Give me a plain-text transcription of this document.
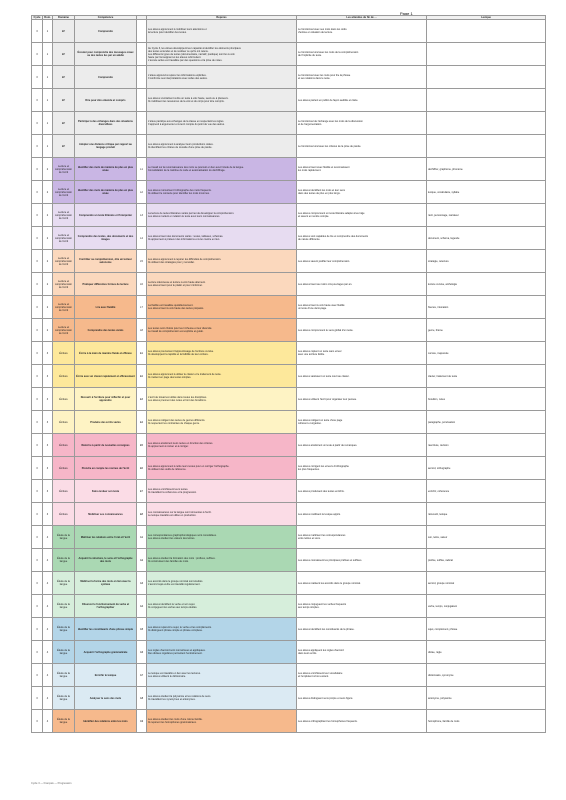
Page 1
Cycle	Dom.	Domaine	Compétence		Repères	Les attendus de fin de ...	Lexique
3	1	EP	Comprendre		Les élèves apprennent à mobiliser leurs attentions et
la lecture pour identifier des textes.	Le fonctionnel avec ses mots dans les ordre
d'entrée en situation de lecture.	

3	1	EP	Écouter pour comprendre des messages oraux ou des textes lus par un adulte		Au Cycle 3, les élèves développent leur capacité à identifier les éléments principaux
des textes entendus et de restituer ce qu'ils ont retenu.
Les différents types de textes (documentaire, narratif, poétique) sont lus à voix
haute par l'enseignant et les élèves reformulent.
L'écoute active est travaillée par des questions et la prise de notes.	Le fonctionnel oral avec les mots de la compréhension
de l'implicite du texte.	

3	1	EP	Comprendre		L'élève apprend à repérer les informations explicites.
Il confronte ses interprétations avec celles des autres.	Le fonctionnel avec les mots pour lire la phrase
et ses relations dans le texte.	

3	1	EP	Dire pour être entendu et compris		Les élèves s'entraînent à dire un texte à voix haute, seuls ou à plusieurs.
Ils mobilisent les ressources de la voix et du corps pour être compris.	Les élèves parlent en public de façon audible et claire.	

3	1	EP	Participer à des échanges dans des situations diversifiées		L'élève participe aux échanges de la classe en respectant les règles.
Il apprend à argumenter et à tenir compte du point de vue des autres.	Le fonctionnel de l'échange avec les mots de la discussion
et de l'argumentation.	

3	1	EP	Adopter une distance critique par rapport au langage produit		Les élèves apprennent à analyser leurs productions orales.
Ils identifient les critères de réussite d'une prise de parole.	Le fonctionnel oral avec les critères de la prise de parole.	

3	2	Lecture et compréhension de l'écrit	Identifier des mots de manière de plus en plus aisée	L1	Le travail sur la reconnaissance des mots se poursuit en lien avec l'étude de la langue.
Consolidation de la maîtrise du code et automatisation du déchiffrage.	Les élèves lisent avec fluidité et reconnaissent
les mots rapidement.	déchiffrer, graphème, phonème

3	2	Lecture et compréhension de l'écrit	Identifier des mots de manière de plus en plus aisée	L2	Les élèves mémorisent l'orthographe des mots fréquents.
Ils utilisent le contexte pour identifier les mots inconnus.	Les élèves identifient les mots et leur sens
dans des textes de plus en plus longs.	lexique, vocabulaire, syllabe

3	2	Lecture et compréhension de l'écrit	Comprendre un texte littéraire et l'interpréter	L3	La lecture de textes littéraires variés permet de développer la compréhension.
Les élèves mettent en relation le texte avec leurs connaissances.	Les élèves comprennent un texte littéraire adapté à leur âge
et savent en rendre compte.	récit, personnage, narrateur

3	2	Lecture et compréhension de l'écrit	Comprendre des textes, des documents et des images	L4	Les élèves lisent des documents variés : textes, tableaux, schémas.
Ils apprennent à prélever des informations et à les mettre en lien.	Les élèves sont capables de lire et comprendre des documents
de nature différente.	document, schéma, légende

3	2	Lecture et compréhension de l'écrit	Contrôler sa compréhension, être un lecteur autonome	L5	Les élèves apprennent à repérer les difficultés de compréhension.
Ils utilisent des stratégies pour y remédier.	Les élèves savent justifier leur compréhension.	stratégie, relecture

3	2	Lecture et compréhension de l'écrit	Pratiquer différentes formes de lecture	L6	Lecture silencieuse et lecture à voix haute alternent.
Les élèves lisent pour le plaisir et pour s'informer.	Les élèves lisent au moins cinq ouvrages par an.	lecture cursive, anthologie

3	2	Lecture et compréhension de l'écrit	Lire avec fluidité	L7	La fluidité est travaillée quotidiennement.
Les élèves lisent à voix haute des textes préparés.	Les élèves lisent à voix haute avec fluidité
un texte d'une demi-page.	fluence, intonation

3	2	Lecture et compréhension de l'écrit	Comprendre des textes variés	L8	Les textes sont choisis pour leur richesse et leur diversité.
Le travail de compréhension est explicite et guidé.	Les élèves comprennent le sens global d'un texte.	genre, thème

3	3	Écriture	Écrire à la main de manière fluide et efficace	E1	Les élèves poursuivent l'apprentissage de l'écriture cursive.
Ils développent la rapidité et la lisibilité de leur écriture.	Les élèves copient un texte sans erreur
avec une écriture lisible.	cursive, majuscule

3	3	Écriture	Écrire avec un clavier rapidement et efficacement	E2	Les élèves apprennent à utiliser le clavier et le traitement de texte.
Ils mettent en page des textes simples.	Les élèves saisissent un texte court au clavier.	clavier, traitement de texte

3	3	Écriture	Recourir à l'écriture pour réfléchir et pour apprendre	E3	L'écrit de travail est utilisé dans toutes les disciplines.
Les élèves prennent des notes et font des brouillons.	Les élèves utilisent l'écrit pour organiser leur pensée.	brouillon, notes

3	3	Écriture	Produire des écrits variés	E4	Les élèves rédigent des textes de genres différents.
Ils respectent les contraintes de chaque genre.	Les élèves rédigent un texte d'une page
cohérent et organisé.	paragraphe, ponctuation

3	3	Écriture	Réécrire à partir de nouvelles consignes	E5	Les élèves améliorent leurs textes en fonction des critères.
Ils apprennent à réviser et à corriger.	Les élèves améliorent un texte à partir de remarques.	réécriture, révision

3	3	Écriture	Prendre en compte les normes de l'écrit	E6	Les élèves apprennent à relire leurs textes pour en corriger l'orthographe.
Ils utilisent des outils de référence.	Les élèves corrigent les erreurs d'orthographe
les plus fréquentes.	accord, orthographe

3	3	Écriture	Faire évoluer son texte	E7	Les élèves enrichissent leurs textes.
Ils travaillent la cohérence et la progression.	Les élèves produisent des textes enrichis.	enrichir, cohérence

3	3	Écriture	Mobiliser ses connaissances	E8	Les connaissances sur la langue sont réinvesties à l'écrit.
Le lexique travaillé est utilisé en production.	Les élèves réutilisent le lexique appris.	réinvestir, lexique

3	4	Étude de la langue	Maîtriser les relations entre l'oral et l'écrit	G1	Les correspondances graphophonologiques sont consolidées.
Les élèves étudient les valeurs des lettres.	Les élèves maîtrisent les correspondances
entre lettres et sons.	son, lettre, valeur

3	4	Étude de la langue	Acquérir la structure, le sens et l'orthographe des mots	G2	Les élèves étudient la formation des mots : préfixes, suffixes.
Ils construisent des familles de mots.	Les élèves connaissent les principaux préfixes et suffixes.	préfixe, suffixe, radical

3	4	Étude de la langue	Maîtriser la forme des mots en lien avec la syntaxe	G3	Les accords dans le groupe nominal sont étudiés.
L'accord sujet-verbe est travaillé régulièrement.	Les élèves réalisent les accords dans le groupe nominal.	accord, groupe nominal

3	4	Étude de la langue	Observer le fonctionnement du verbe et l'orthographier	G4	Les élèves identifient le verbe et son sujet.
Ils conjuguent les verbes aux temps étudiés.	Les élèves conjuguent les verbes fréquents
aux temps simples.	verbe, temps, conjugaison

3	4	Étude de la langue	Identifier les constituants d'une phrase simple	G5	Les élèves repèrent le sujet, le verbe et les compléments.
Ils distinguent phrase simple et phrase complexe.	Les élèves identifient les constituants de la phrase.	sujet, complément, phrase

3	4	Étude de la langue	Acquérir l'orthographe grammaticale	G6	Les règles d'accord sont mémorisées et appliquées.
Des dictées régulières permettent l'entraînement.	Les élèves appliquent les règles d'accord
dans leurs écrits.	dictée, règle

3	4	Étude de la langue	Enrichir le lexique	G7	Le lexique est travaillé en lien avec les lectures.
Les élèves utilisent le dictionnaire.	Les élèves enrichissent leur vocabulaire
et l'emploient à bon escient.	dictionnaire, synonyme

3	4	Étude de la langue	Analyser le sens des mots	G8	Les élèves étudient la polysémie et les relations de sens.
Ils travaillent les synonymes et antonymes.	Les élèves distinguent sens propre et sens figuré.	antonyme, polysémie

3	4	Étude de la langue	Identifier des relations entre les mots	G9	Les élèves étudient les mots d'une même famille.
Ils repèrent les homophones grammaticaux.	Les élèves orthographient les homophones fréquents.	homophone, famille de mots
Cycle 3 — Français — Progression
